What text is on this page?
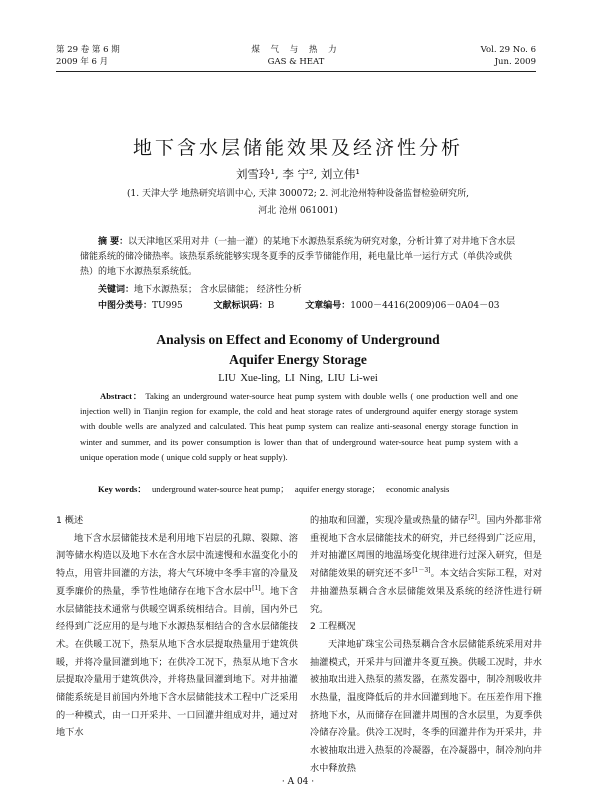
第 29 卷 第 6 期
2009 年 6 月
煤 气 与 热 力
GAS & HEAT
Vol. 29 No. 6
Jun. 2009
地下含水层储能效果及经济性分析
刘雪玲¹, 李 宁², 刘立伟¹
(1. 天津大学 地热研究培训中心, 天津 300072; 2. 河北沧州特种设备监督检验研究所,
河北 沧州 061001)
摘 要：以天津地区采用对井（一抽一灌）的某地下水源热泵系统为研究对象，分析计算了对井地下含水层储能系统的储冷储热率。该热泵系统能够实现冬夏季的反季节储能作用，耗电量比单一运行方式（单供冷或供热）的地下水源热泵系统低。
关键词：地下水源热泵； 含水层储能； 经济性分析
中图分类号：TU995	文献标识码：B	文章编号：1000－4416(2009)06－0A04－03
Analysis on Effect and Economy of Underground
Aquifer Energy Storage
LIU Xue-ling, LI Ning, LIU Li-wei
Abstract： Taking an underground water-source heat pump system with double wells ( one production well and one injection well) in Tianjin region for example, the cold and heat storage rates of underground aquifer energy storage system with double wells are analyzed and calculated. This heat pump system can realize anti-seasonal energy storage function in winter and summer, and its power consumption is lower than that of underground water-source heat pump system with a unique operation mode ( unique cold supply or heat supply).
Key words： underground water-source heat pump； aquifer energy storage； economic analysis

1 概述

地下含水层储能技术是利用地下岩层的孔隙、裂隙、溶洞等储水构造以及地下水在含水层中流速慢和水温变化小的特点，用管井回灌的方法，将大气环境中冬季丰富的冷量及夏季廉价的热量，季节性地储存在地下含水层中[1]。地下含水层储能技术通常与供暖空调系统相结合。目前，国内外已经得到广泛应用的是与地下水源热泵相结合的含水层储能技术。在供暖工况下，热泵从地下含水层提取热量用于建筑供暖，并将冷量回灌到地下；在供冷工况下，热泵从地下含水层提取冷量用于建筑供冷，并将热量回灌到地下。对井抽灌储能系统是目前国内外地下含水层储能技术工程中广泛采用的一种模式，由一口开采井、一口回灌井组成对井，通过对地下水

的抽取和回灌，实现冷量或热量的储存[2]。国内外都非常重视地下含水层储能技术的研究，并已经得到广泛应用，并对抽灌区周围的地温场变化规律进行过深入研究，但是对储能效果的研究还不多[1－3]。本文结合实际工程，对对井抽灌热泵耦合含水层储能效果及系统的经济性进行研究。

2 工程概况

天津地矿珠宝公司热泵耦合含水层储能系统采用对井抽灌模式，开采井与回灌井冬夏互换。供暖工况时，井水被抽取出进入热泵的蒸发器，在蒸发器中，制冷剂吸收井水热量，温度降低后的井水回灌到地下。在压差作用下推挤地下水，从而储存在回灌井周围的含水层里，为夏季供冷储存冷量。供冷工况时，冬季的回灌井作为开采井，井水被抽取出进入热泵的冷凝器，在冷凝器中，制冷剂向井水中释放热

· A 04 ·
